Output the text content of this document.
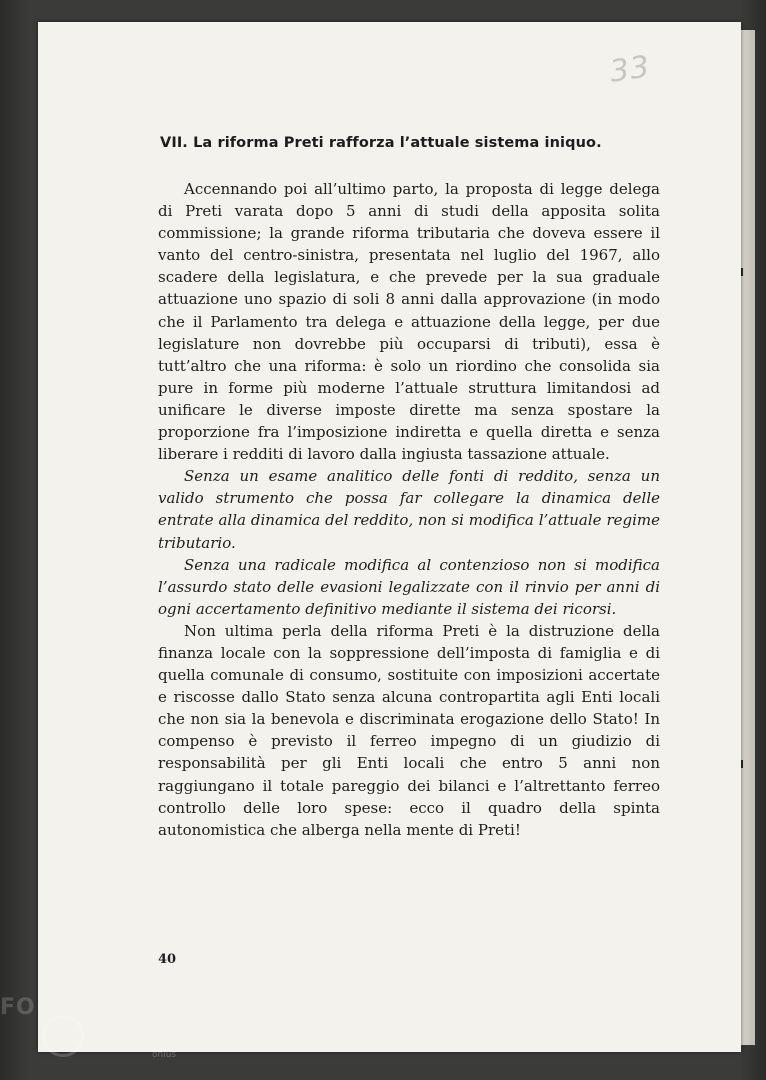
33
VII. La riforma Preti rafforza l’attuale sistema iniquo.

Accennando poi all’ultimo parto, la proposta di legge delega di Preti varata dopo 5 anni di studi della apposita solita commissione; la grande riforma tributaria che doveva essere il vanto del centro-sinistra, presentata nel luglio del 1967, allo scadere della legislatura, e che prevede per la sua graduale attuazione uno spazio di soli 8 anni dalla approvazione (in modo che il Parlamento tra delega e attuazione della legge, per due legislature non dovrebbe più occuparsi di tributi), essa è tutt’altro che una riforma: è solo un riordino che consolida sia pure in forme più moderne l’attuale struttura limitandosi ad unificare le diverse imposte dirette ma senza spostare la proporzione fra l’imposizione indiretta e quella diretta e senza liberare i redditi di lavoro dalla ingiusta tassazione attuale.

Senza un esame analitico delle fonti di reddito, senza un valido strumento che possa far collegare la dinamica delle entrate alla dinamica del reddito, non si modifica l’attuale regime tributario.

Senza una radicale modifica al contenzioso non si modifica l’assurdo stato delle evasioni legalizzate con il rinvio per anni di ogni accertamento definitivo mediante il sistema dei ricorsi.

Non ultima perla della riforma Preti è la distruzione della finanza locale con la soppressione dell’imposta di famiglia e di quella comunale di consumo, sostituite con imposizioni accertate e riscosse dallo Stato senza alcuna contropartita agli Enti locali che non sia la benevola e discriminata erogazione dello Stato! In compenso è previsto il ferreo impegno di un giudizio di responsabilità per gli Enti locali che entro 5 anni non raggiungano il totale pareggio dei bilanci e l’altrettanto ferreo controllo delle loro spese: ecco il quadro della spinta autonomistica che alberga nella mente di Preti!

40
FO
onlus
